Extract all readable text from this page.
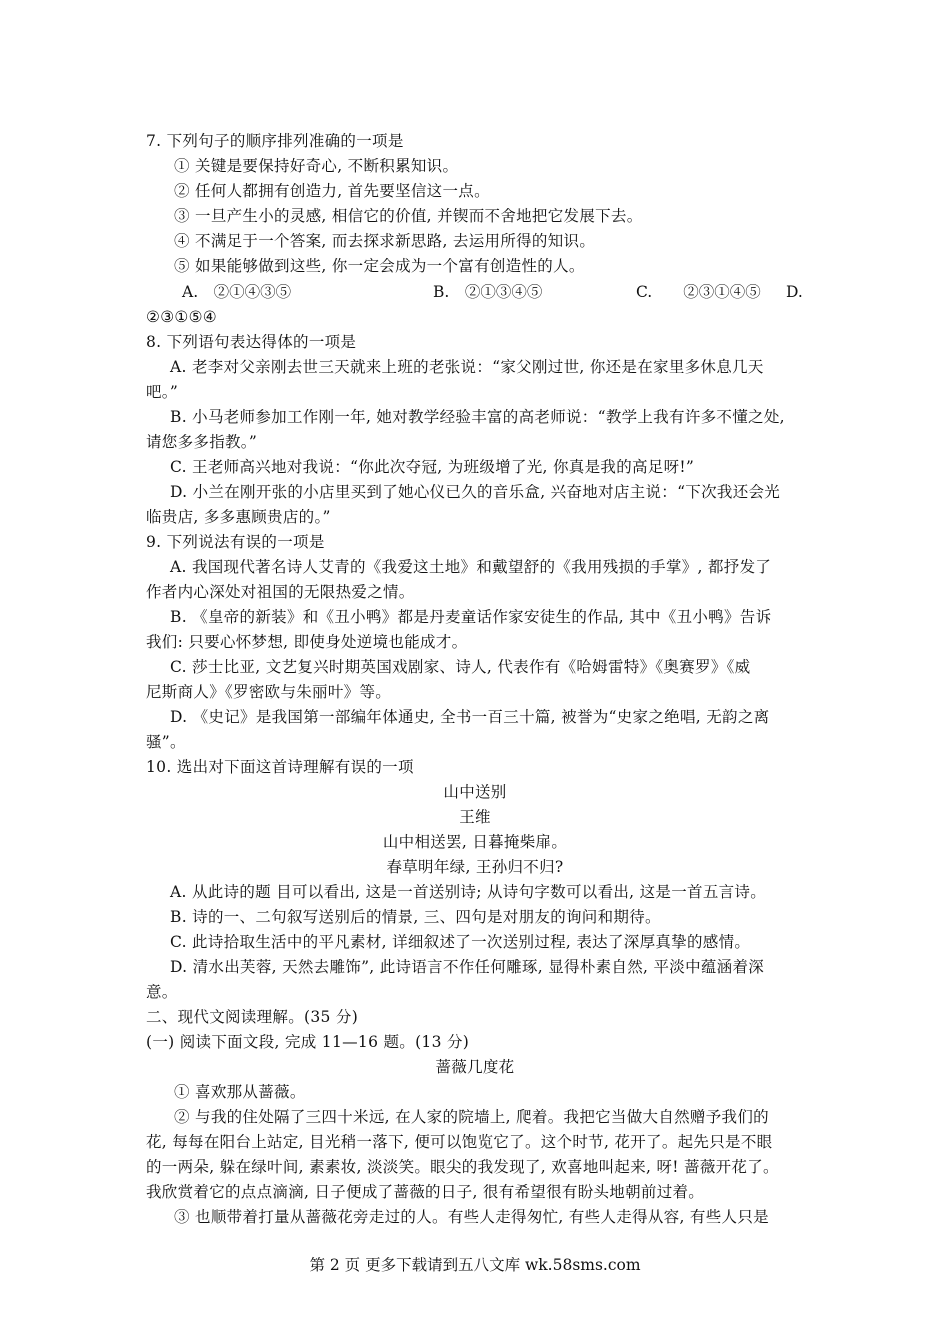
7. 下列句子的顺序排列准确的一项是
① 关键是要保持好奇心, 不断积累知识。
② 任何人都拥有创造力, 首先要坚信这一点。
③ 一旦产生小的灵感, 相信它的价值, 并锲而不舍地把它发展下去。
④ 不满足于一个答案, 而去探求新思路, 去运用所得的知识。
⑤ 如果能够做到这些, 你一定会成为一个富有创造性的人。
A.　②①④③⑤	B.　②①③④⑤	C.　　②③①④⑤ D.
②③①⑤④
8. 下列语句表达得体的一项是
A. 老李对父亲刚去世三天就来上班的老张说：“家父刚过世, 你还是在家里多休息几天
吧。”
B. 小马老师参加工作刚一年, 她对教学经验丰富的高老师说：“教学上我有许多不懂之处,
请您多多指教。”
C. 王老师高兴地对我说：“你此次夺冠, 为班级增了光, 你真是我的高足呀!”
D. 小兰在刚开张的小店里买到了她心仪已久的音乐盒, 兴奋地对店主说：“下次我还会光
临贵店, 多多惠顾贵店的。”
9. 下列说法有误的一项是
A. 我国现代著名诗人艾青的《我爱这土地》和戴望舒的《我用残损的手掌》, 都抒发了
作者内心深处对祖国的无限热爱之情。
B. 《皇帝的新装》和《丑小鸭》都是丹麦童话作家安徒生的作品, 其中《丑小鸭》告诉
我们: 只要心怀梦想, 即使身处逆境也能成才。
C. 莎士比亚, 文艺复兴时期英国戏剧家、诗人, 代表作有《哈姆雷特》《奥赛罗》《威
尼斯商人》《罗密欧与朱丽叶》等。
D. 《史记》是我国第一部编年体通史, 全书一百三十篇, 被誉为“史家之绝唱, 无韵之离
骚”。
10. 选出对下面这首诗理解有误的一项
山中送别
王维
山中相送罢, 日暮掩柴扉。
春草明年绿, 王孙归不归?
A. 从此诗的题 目可以看出, 这是一首送别诗; 从诗句字数可以看出, 这是一首五言诗。
B. 诗的一、二句叙写送别后的情景, 三、四句是对朋友的询问和期待。
C. 此诗拾取生活中的平凡素材, 详细叙述了一次送别过程, 表达了深厚真挚的感情。
D. 清水出芙蓉, 天然去雕饰”, 此诗语言不作任何雕琢, 显得朴素自然, 平淡中蕴涵着深
意。
二、现代文阅读理解。(35 分)
(一) 阅读下面文段, 完成 11—16 题。(13 分)
蔷薇几度花
① 喜欢那从蔷薇。
② 与我的住处隔了三四十米远, 在人家的院墙上, 爬着。我把它当做大自然赠予我们的
花, 每每在阳台上站定, 目光稍一落下, 便可以饱览它了。这个时节, 花开了。起先只是不眼
的一两朵, 躲在绿叶间, 素素妆, 淡淡笑。眼尖的我发现了, 欢喜地叫起来, 呀! 蔷薇开花了。
我欣赏着它的点点滴滴, 日子便成了蔷薇的日子, 很有希望很有盼头地朝前过着。
③ 也顺带着打量从蔷薇花旁走过的人。有些人走得匆忙, 有些人走得从容, 有些人只是
第 2 页 更多下载请到五八文库 wk.58sms.com
